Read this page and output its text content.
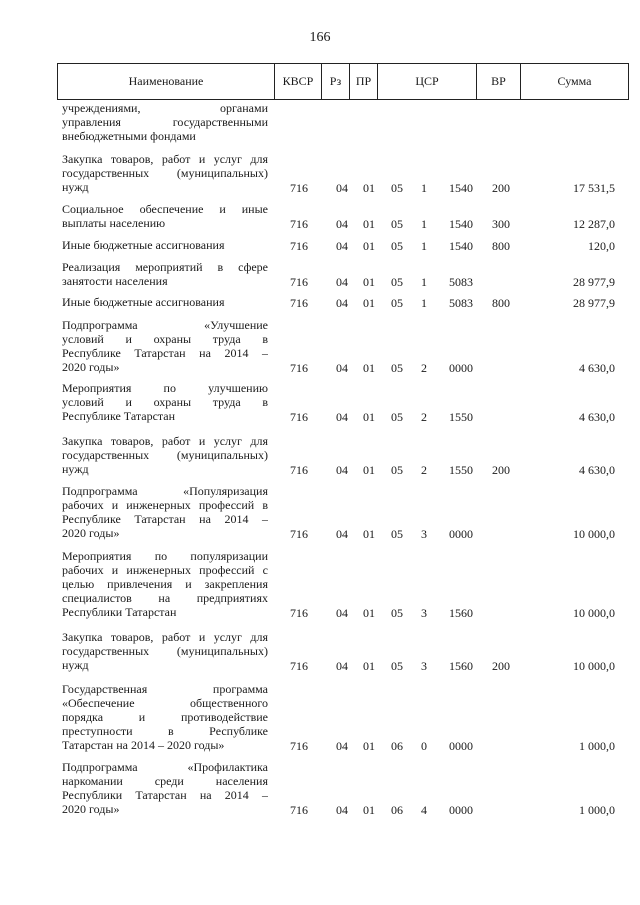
166
Наименование	КВСР	Рз	ПР	ЦСР	ВР	Сумма
учреждениями, органами
управления государственными
внебюджетными фондами
Закупка товаров, работ и услуг для
государственных (муниципальных)
нужд	716 04 01 05 1 1540 200	17 531,5
Социальное обеспечение и иные
выплаты населению	716 04 01 05 1 1540 300	12 287,0
Иные бюджетные ассигнования	716 04 01 05 1 1540 800	120,0
Реализация мероприятий в сфере
занятости населения	716 04 01 05 1 5083	28 977,9
Иные бюджетные ассигнования	716 04 01 05 1 5083 800	28 977,9
Подпрограмма «Улучшение
условий и охраны труда в
Республике Татарстан на 2014 –
2020 годы»	716 04 01 05 2 0000	4 630,0
Мероприятия по улучшению
условий и охраны труда в
Республике Татарстан	716 04 01 05 2 1550	4 630,0
Закупка товаров, работ и услуг для
государственных (муниципальных)
нужд	716 04 01 05 2 1550 200	4 630,0
Подпрограмма «Популяризация
рабочих и инженерных профессий в
Республике Татарстан на 2014 –
2020 годы»	716 04 01 05 3 0000	10 000,0
Мероприятия по популяризации
рабочих и инженерных профессий с
целью привлечения и закрепления
специалистов на предприятиях
Республики Татарстан	716 04 01 05 3 1560	10 000,0
Закупка товаров, работ и услуг для
государственных (муниципальных)
нужд	716 04 01 05 3 1560 200	10 000,0
Государственная программа
«Обеспечение общественного
порядка и противодействие
преступности в Республике
Татарстан на 2014 – 2020 годы»	716 04 01 06 0 0000	1 000,0
Подпрограмма «Профилактика
наркомании среди населения
Республики Татарстан на 2014 –
2020 годы»	716 04 01 06 4 0000	1 000,0
